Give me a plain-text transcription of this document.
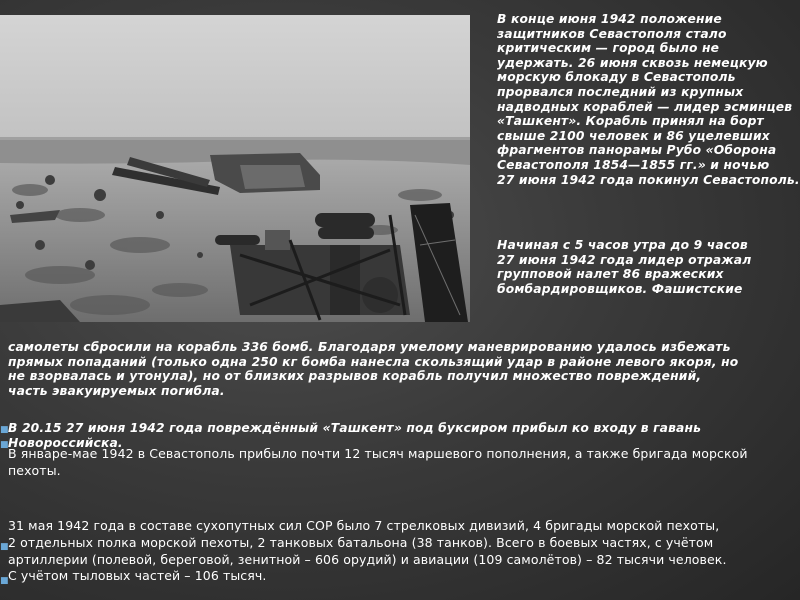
В конце июня 1942 положение
защитников Севастополя стало
критическим — город было не
удержать. 26 июня сквозь немецкую
морскую блокаду в Севастополь
прорвался последний из крупных
надводных кораблей — лидер эсминцев
«Ташкент». Корабль принял на борт
свыше 2100 человек и 86 уцелевших
фрагментов панорамы Рубо «Оборона
Севастополя 1854—1855 гг.» и ночью
27 июня 1942 года покинул Севастополь.
Начиная с 5 часов утра до 9 часов
27 июня 1942 года лидер отражал
групповой налет 86 вражеских
бомбардировщиков. Фашистские
самолеты сбросили на корабль 336 бомб. Благодаря умелому маневрированию удалось избежать
прямых попаданий (только одна 250 кг бомба нанесла скользящий удар в районе левого якоря, но
не взорвалась и утонула), но от близких разрывов корабль получил множество повреждений,
часть эвакуируемых погибла.
■ В 20.15 27 июня 1942 года повреждённый «Ташкент» под буксиром прибыл ко входу в гавань
■ Новороссийска.
В январе-мае 1942 в Севастополь прибыло почти 12 тысяч маршевого пополнения, а также бригада морской
пехоты.
■
31 мая 1942 года в составе сухопутных сил СОР было 7 стрелковых дивизий, 4 бригады морской пехоты,
2 отдельных полка морской пехоты, 2 танковых батальона (38 танков). Всего в боевых частях, с учётом
■
артиллерии (полевой, береговой, зенитной – 606 орудий) и авиации (109 самолётов) – 82 тысячи человек.
С учётом тыловых частей – 106 тысяч.
